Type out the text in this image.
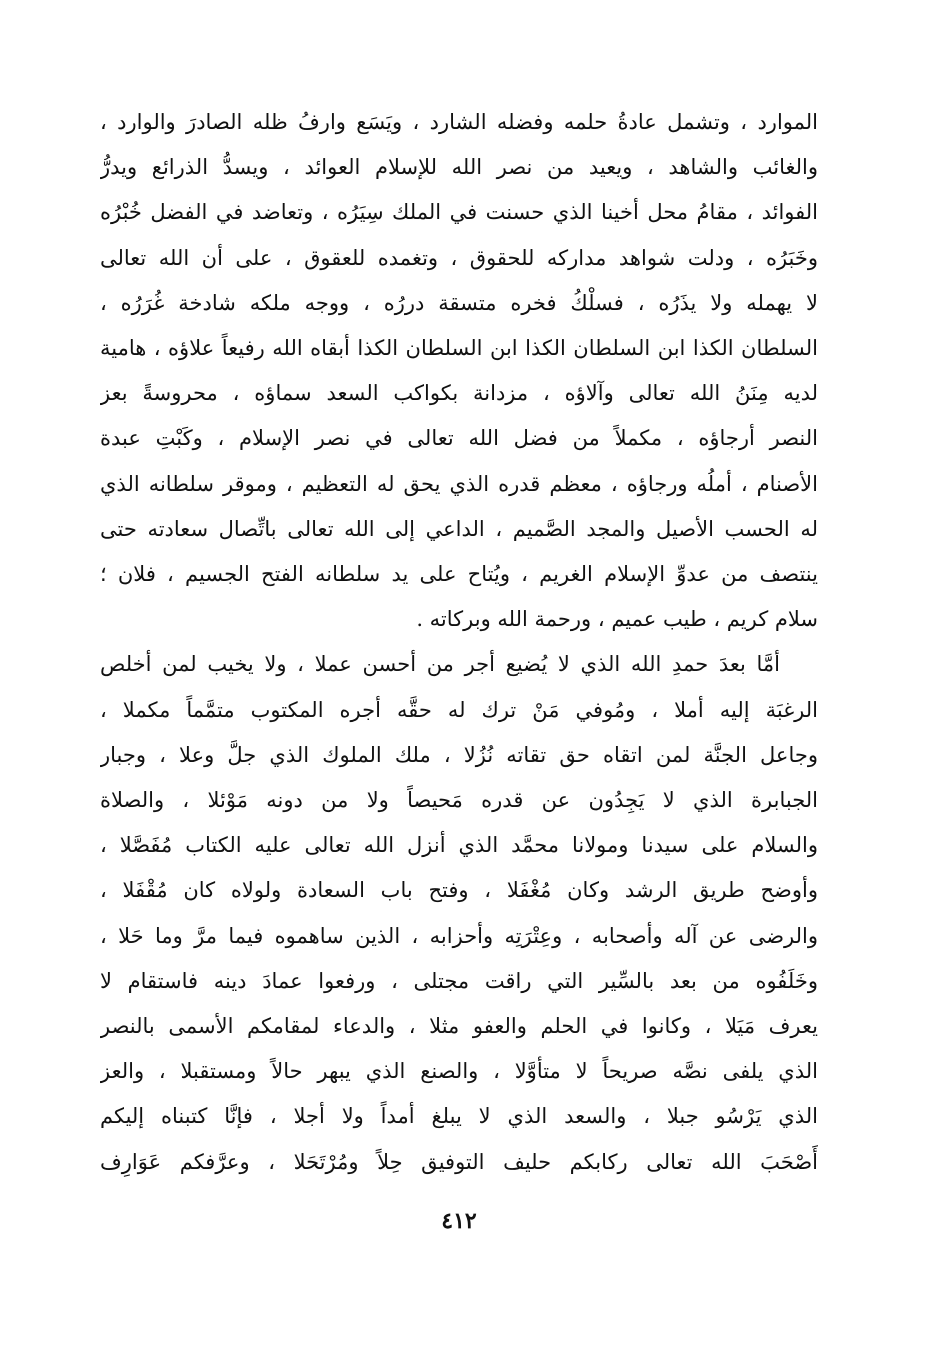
الموارد ، وتشمل عادةُ حلمه وفضله الشارد ، ويَسَع وارفُ ظله الصادرَ والوارد ،
والغائب والشاهد ، ويعيد من نصر الله للإسلام العوائد ، ويسدُّ الذرائع ويدرُّ
الفوائد ، مقامُ محل أخينا الذي حسنت في الملك سِيَرُه ، وتعاضد في الفضل خُبْرُه
وخَبَرُه ، ودلت شواهد مداركه للحقوق ، وتغمده للعقوق ، على أن الله تعالى
لا يهمله ولا يذَرُه ، فسلْكُ فخره متسقة دررُه ، ووجه ملكه شادخة غُرَرُه ،
السلطان الكذا ابن السلطان الكذا ابن السلطان الكذا أبقاه الله رفيعاً علاؤه ، هامية
لديه مِنَنُ الله تعالى وآلاؤه ، مزدانة بكواكب السعد سماؤه ، محروسةً بعز
النصر أرجاؤه ، مكملاً من فضل الله تعالى في نصر الإسلام ، وكَبْتِ عبدة
الأصنام ، أملُه ورجاؤه ، معظم قدره الذي يحق له التعظيم ، وموقر سلطانه الذي
له الحسب الأصيل والمجد الصَّميم ، الداعي إلى الله تعالى باتِّصال سعادته حتى
ينتصف من عدوِّ الإسلام الغريم ، ويُتاح على يد سلطانه الفتح الجسيم ، فلان ؛
سلام كريم ، طيب عميم ، ورحمة الله وبركاته .
أمَّا بعدَ حمدِ الله الذي لا يُضيع أجر من أحسن عملا ، ولا يخيب لمن أخلص
الرغبَة إليه أملا ، ومُوفي مَنْ ترك له حقَّه أجره المكتوب متمَّماً مكملا ،
وجاعل الجنَّة لمن اتقاه حق تقاته نُزُلا ، ملك الملوك الذي جلَّ وعلا ، وجبار
الجبابرة الذي لا يَجِدُون عن قدره مَحيصاً ولا من دونه مَوْئلا ، والصلاة
والسلام على سيدنا ومولانا محمَّد الذي أنزل الله تعالى عليه الكتاب مُفَصَّلا ،
وأوضح طريق الرشد وكان مُغْفَلا ، وفتح باب السعادة ولولاه كان مُقْفَلا ،
والرضى عن آله وأصحابه ، وعِتْرَتِه وأحزابه ، الذين ساهموه فيما مرَّ وما حَلا ،
وخَلَفُوه من بعد بالسِّير التي راقت مجتلى ، ورفعوا عمادَ دينه فاستقام لا
يعرف مَيَلا ، وكانوا في الحلم والعفو مثلا ، والدعاء لمقامكم الأسمى بالنصر
الذي يلفى نصَّه صريحاً لا متأوَّلا ، والصنع الذي يبهر حالاً ومستقبلا ، والعز
الذي يَرْسُو جبلا ، والسعد الذي لا يبلغ أمداً ولا أجلا ، فإنَّا كتبناه إليكم
أَصْحَبَ الله تعالى ركابكم حليف التوفيق حِلاً ومُرْتَحَلا ، وعرَّفكم عَوَارِف
٤١٢
